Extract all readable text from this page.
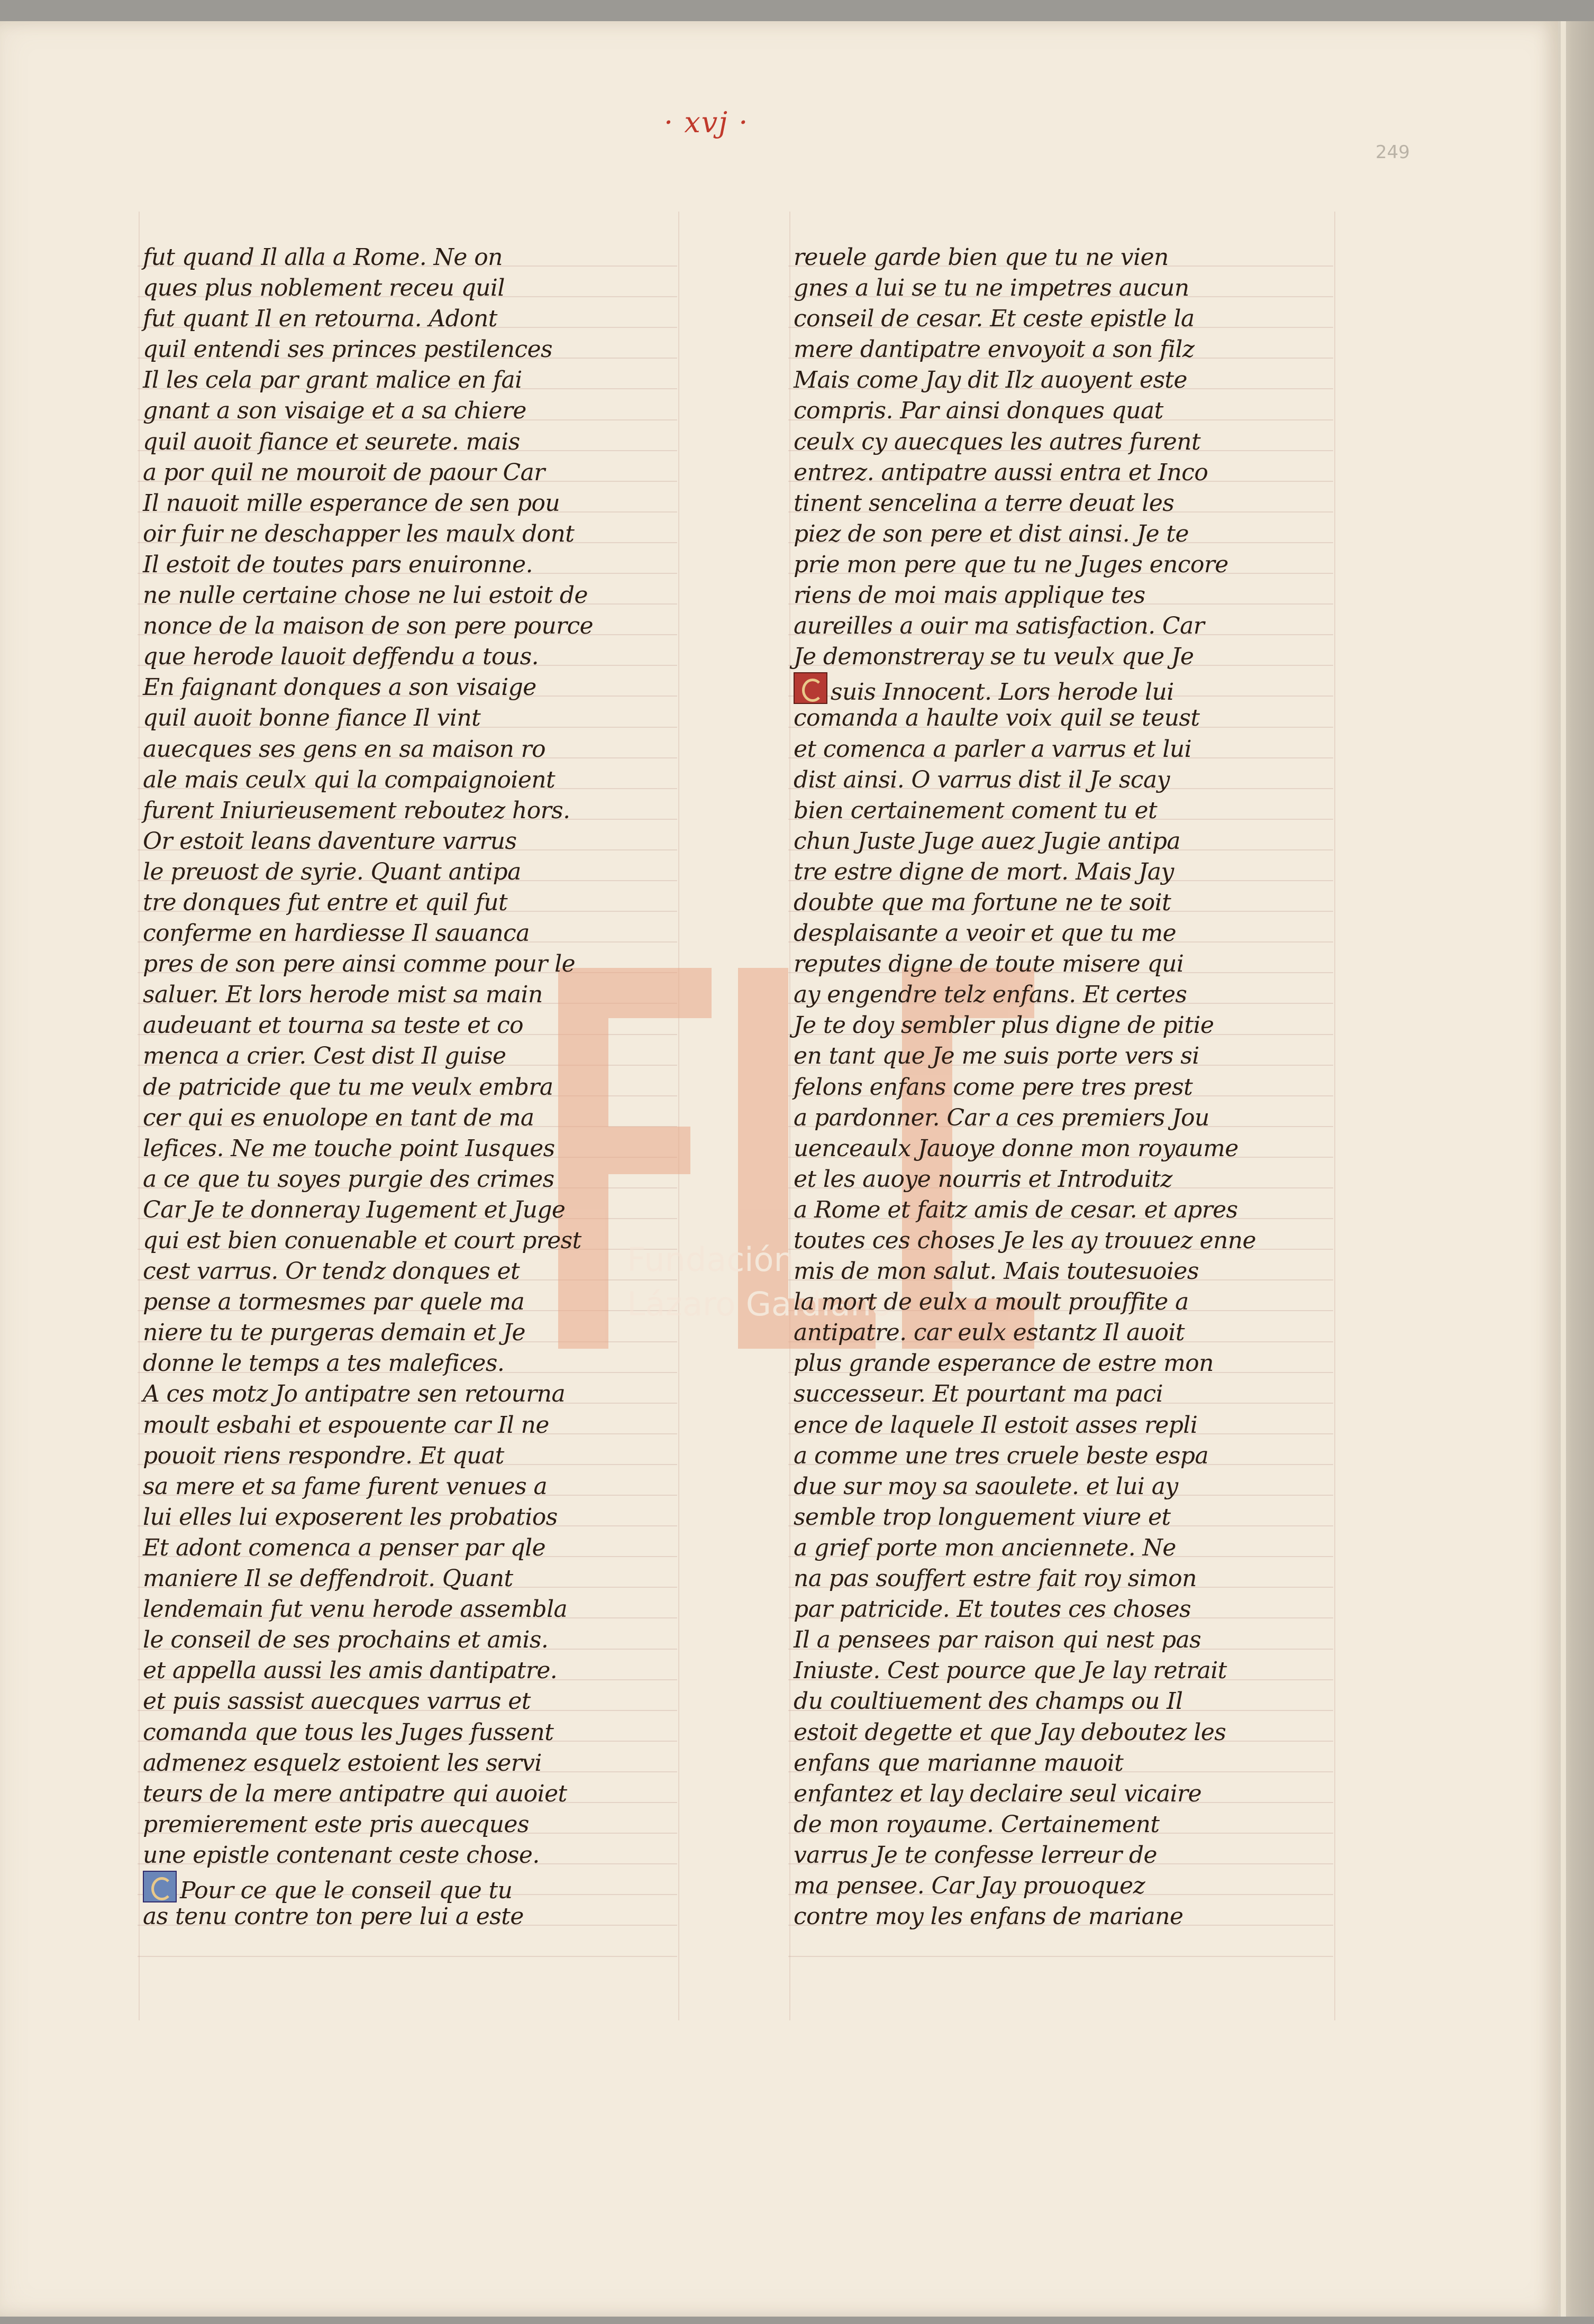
· xvj ·
249
Fundación
Lázaro Galdiano
fut quand Il alla a Rome. Ne on
ques plus noblement receu quil
fut quant Il en retourna. Adont
quil entendi ses princes pestilences
Il les cela par grant malice en fai
gnant a son visaige et a sa chiere
quil auoit fiance et seurete. mais
a por quil ne mouroit de paour Car
Il nauoit mille esperance de sen pou
oir fuir ne deschapper les maulx dont
Il estoit de toutes pars enuironne.
ne nulle certaine chose ne lui estoit de
nonce de la maison de son pere pource
que herode lauoit deffendu a tous.
En faignant donques a son visaige
quil auoit bonne fiance Il vint
auecques ses gens en sa maison ro
ale mais ceulx qui la compaignoient
furent Iniurieusement reboutez hors.
Or estoit leans daventure varrus
le preuost de syrie. Quant antipa
tre donques fut entre et quil fut
conferme en hardiesse Il sauanca
pres de son pere ainsi comme pour le
saluer. Et lors herode mist sa main
audeuant et tourna sa teste et co
menca a crier. Cest dist Il guise
de patricide que tu me veulx embra
cer qui es enuolope en tant de ma
lefices. Ne me touche point Iusques
a ce que tu soyes purgie des crimes
Car Je te donneray Iugement et Juge
qui est bien conuenable et court prest
cest varrus. Or tendz donques et
pense a tormesmes par quele ma
niere tu te purgeras demain et Je
donne le temps a tes malefices.
A ces motz Jo antipatre sen retourna
moult esbahi et espouente car Il ne
pouoit riens respondre. Et quat
sa mere et sa fame furent venues a
lui elles lui exposerent les probatios
Et adont comenca a penser par qle
maniere Il se deffendroit. Quant
lendemain fut venu herode assembla
le conseil de ses prochains et amis.
et appella aussi les amis dantipatre.
et puis sassist auecques varrus et
comanda que tous les Juges fussent
admenez esquelz estoient les servi
teurs de la mere antipatre qui auoiet
premierement este pris auecques
une epistle contenant ceste chose.
Pour ce que le conseil que tu
as tenu contre ton pere lui a este
reuele garde bien que tu ne vien
gnes a lui se tu ne impetres aucun
conseil de cesar. Et ceste epistle la
mere dantipatre envoyoit a son filz
Mais come Jay dit Ilz auoyent este
compris. Par ainsi donques quat
ceulx cy auecques les autres furent
entrez. antipatre aussi entra et Inco
tinent sencelina a terre deuat les
piez de son pere et dist ainsi. Je te
prie mon pere que tu ne Juges encore
riens de moi mais applique tes
aureilles a ouir ma satisfaction. Car
Je demonstreray se tu veulx que Je
suis Innocent. Lors herode lui
comanda a haulte voix quil se teust
et comenca a parler a varrus et lui
dist ainsi. O varrus dist il Je scay
bien certainement coment tu et
chun Juste Juge auez Jugie antipa
tre estre digne de mort. Mais Jay
doubte que ma fortune ne te soit
desplaisante a veoir et que tu me
reputes digne de toute misere qui
ay engendre telz enfans. Et certes
Je te doy sembler plus digne de pitie
en tant que Je me suis porte vers si
felons enfans come pere tres prest
a pardonner. Car a ces premiers Jou
uenceaulx Jauoye donne mon royaume
et les auoye nourris et Introduitz
a Rome et faitz amis de cesar. et apres
toutes ces choses Je les ay trouuez enne
mis de mon salut. Mais toutesuoies
la mort de eulx a moult prouffite a
antipatre. car eulx estantz Il auoit
plus grande esperance de estre mon
successeur. Et pourtant ma paci
ence de laquele Il estoit asses repli
a comme une tres cruele beste espa
due sur moy sa saoulete. et lui ay
semble trop longuement viure et
a grief porte mon anciennete. Ne
na pas souffert estre fait roy simon
par patricide. Et toutes ces choses
Il a pensees par raison qui nest pas
Iniuste. Cest pource que Je lay retrait
du coultiuement des champs ou Il
estoit degette et que Jay deboutez les
enfans que marianne mauoit
enfantez et lay declaire seul vicaire
de mon royaume. Certainement
varrus Je te confesse lerreur de
ma pensee. Car Jay prouoquez
contre moy les enfans de mariane
